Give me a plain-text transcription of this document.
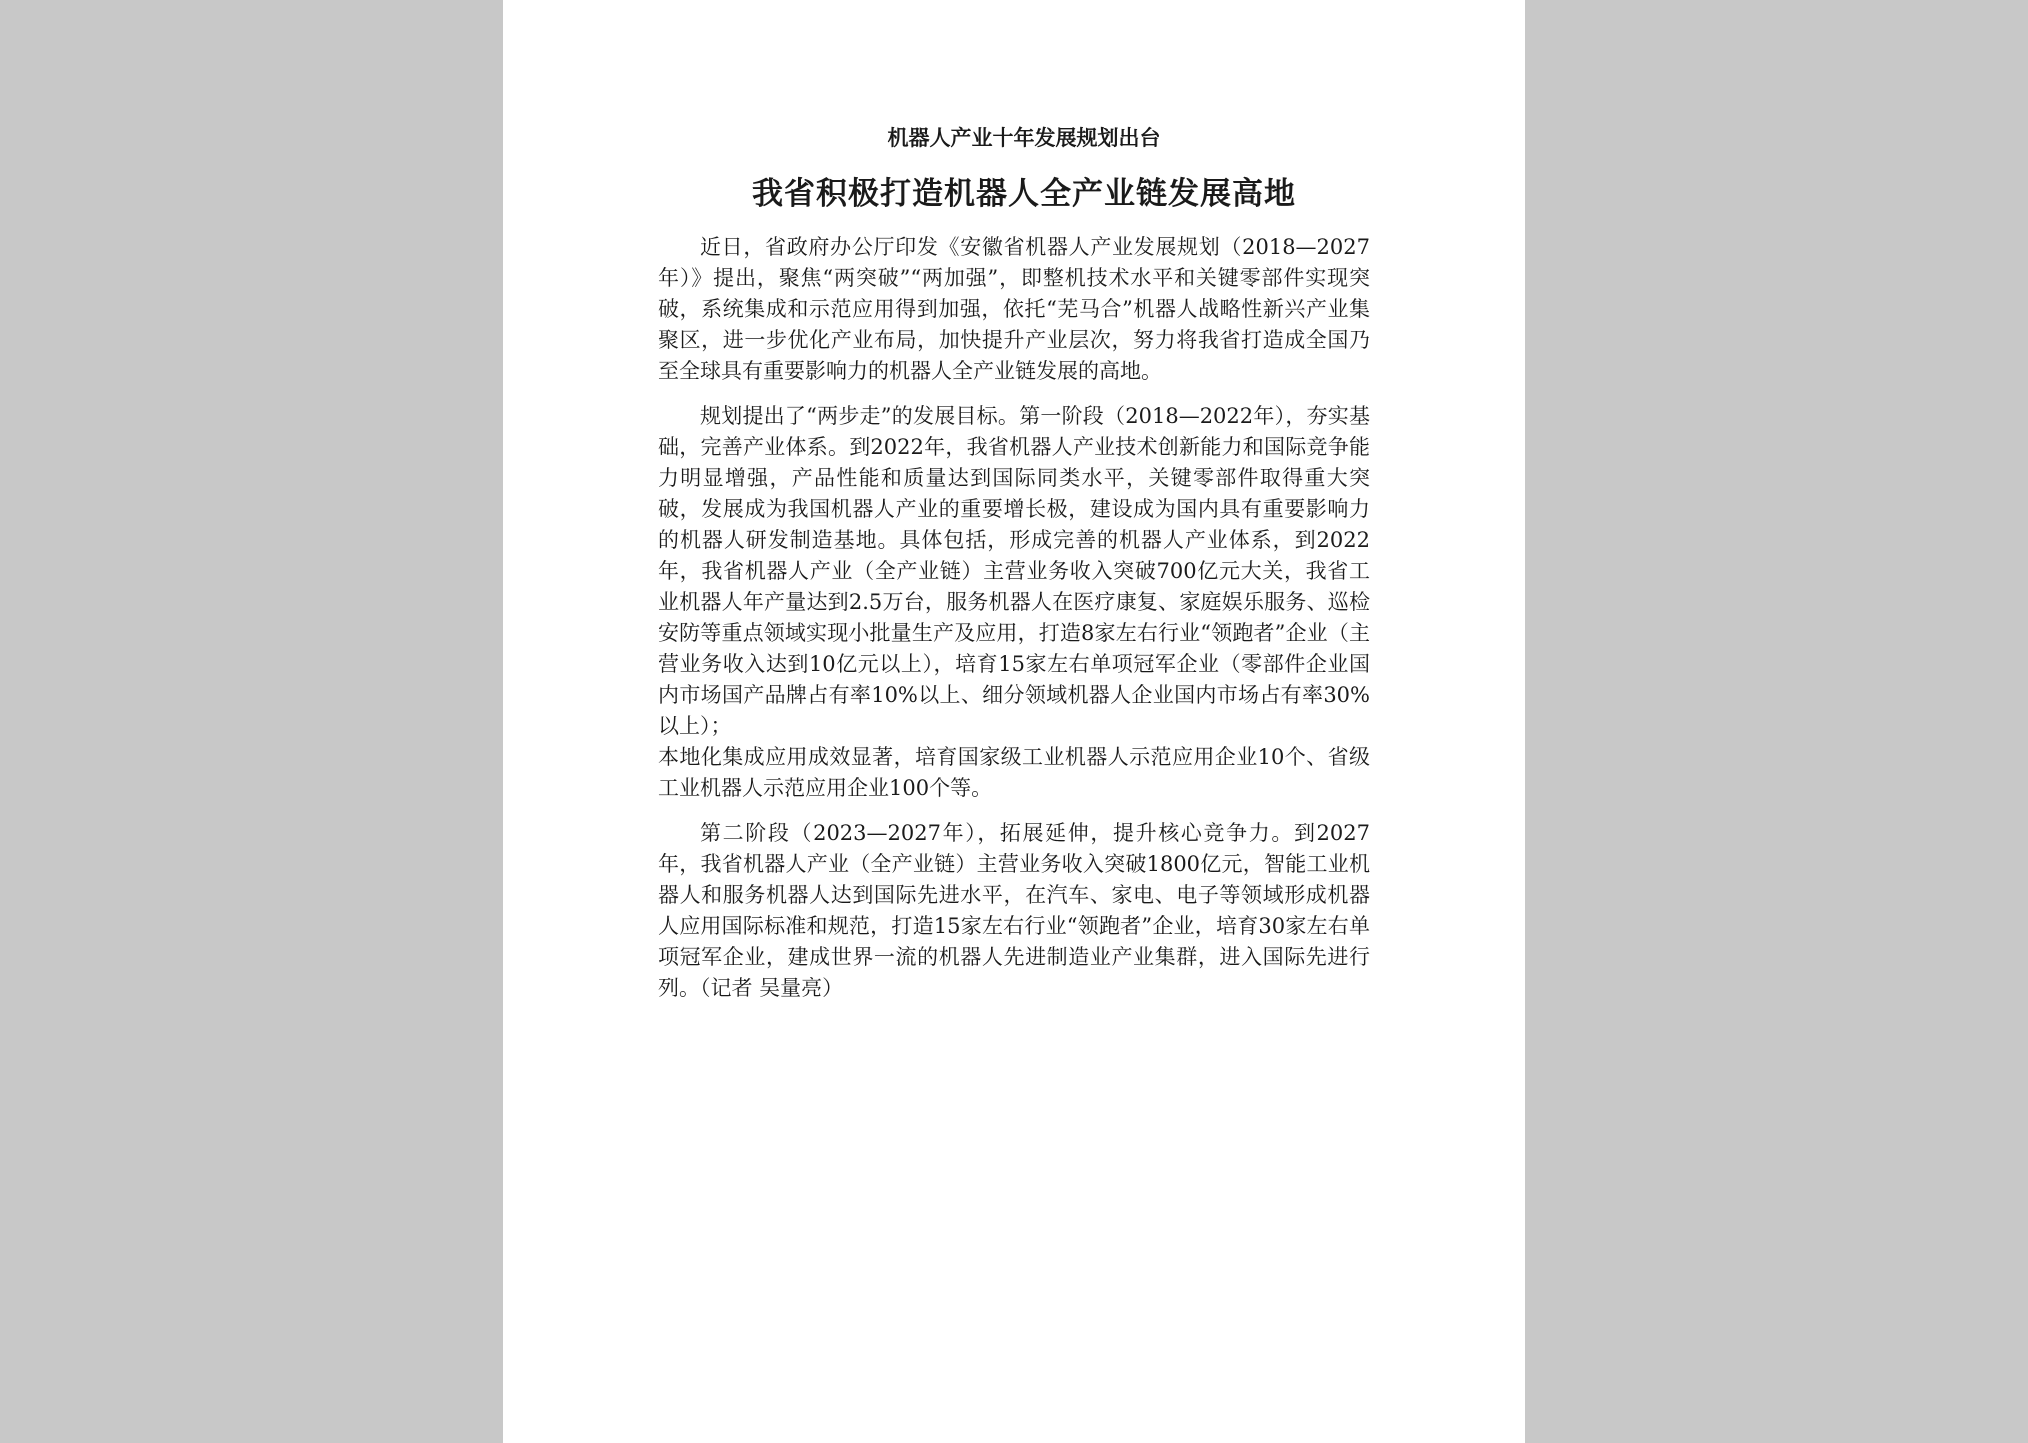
机器人产业十年发展规划出台

我省积极打造机器人全产业链发展高地

近日，省政府办公厅印发《安徽省机器人产业发展规划（2018—2027年）》提出，聚焦“两突破”“两加强”，即整机技术水平和关键零部件实现突破，系统集成和示范应用得到加强，依托“芜马合”机器人战略性新兴产业集聚区，进一步优化产业布局，加快提升产业层次，努力将我省打造成全国乃至全球具有重要影响力的机器人全产业链发展的高地。

规划提出了“两步走”的发展目标。第一阶段（2018—2022年），夯实基础，完善产业体系。到2022年，我省机器人产业技术创新能力和国际竞争能力明显增强，产品性能和质量达到国际同类水平，关键零部件取得重大突破，发展成为我国机器人产业的重要增长极，建设成为国内具有重要影响力的机器人研发制造基地。具体包括，形成完善的机器人产业体系，到2022年，我省机器人产业（全产业链）主营业务收入突破700亿元大关，我省工业机器人年产量达到2.5万台，服务机器人在医疗康复、家庭娱乐服务、巡检安防等重点领域实现小批量生产及应用，打造8家左右行业“领跑者”企业（主营业务收入达到10亿元以上），培育15家左右单项冠军企业（零部件企业国内市场国产品牌占有率10%以上、细分领域机器人企业国内市场占有率30%以上）；

本地化集成应用成效显著，培育国家级工业机器人示范应用企业10个、省级工业机器人示范应用企业100个等。

第二阶段（2023—2027年），拓展延伸，提升核心竞争力。到2027年，我省机器人产业（全产业链）主营业务收入突破1800亿元，智能工业机器人和服务机器人达到国际先进水平，在汽车、家电、电子等领域形成机器人应用国际标准和规范，打造15家左右行业“领跑者”企业，培育30家左右单项冠军企业，建成世界一流的机器人先进制造业产业集群，进入国际先进行列。（记者 吴量亮）
